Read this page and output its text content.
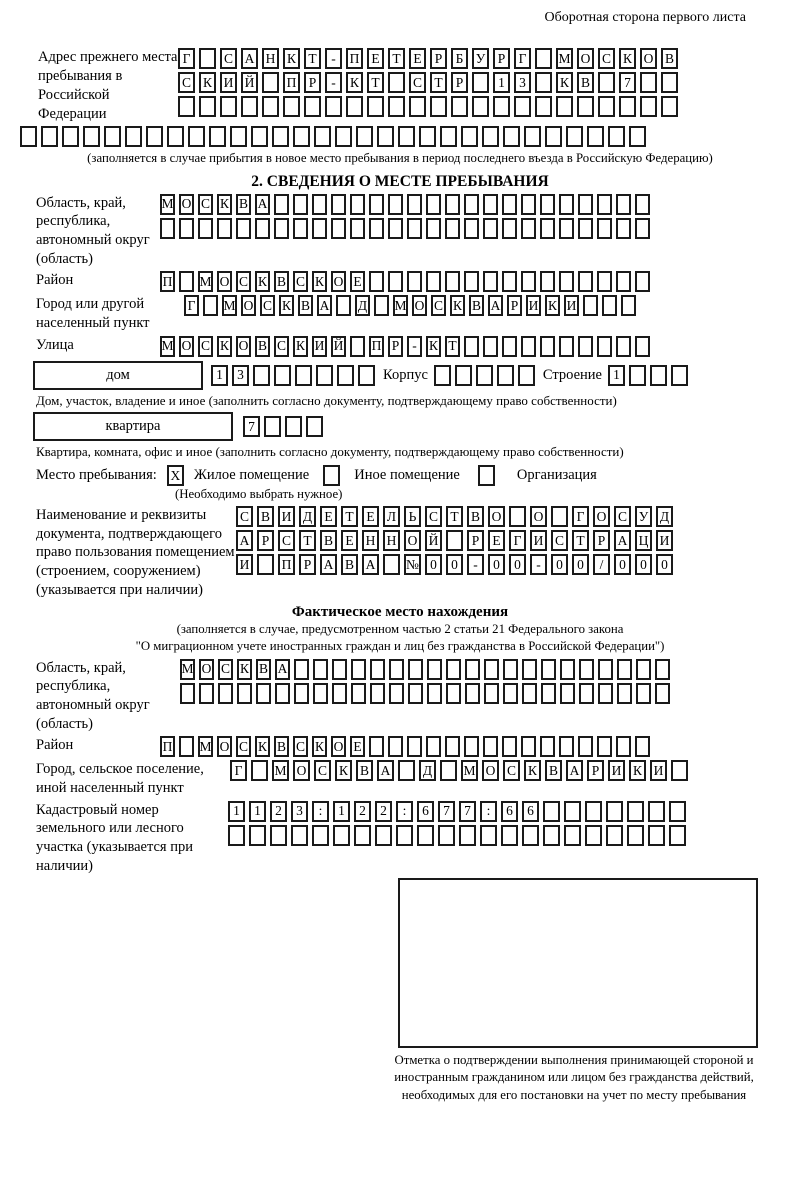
Оборотная сторона первого листа
Адрес прежнего места пребывания в Российской Федерации
Г	С А Н К Т	-	П Е Т Е Р Б У Р Г	М О С К О В
С К И Й П Р	-	К Т	С Т Р	1	3	К В	7
(заполняется в случае прибытия в новое место пребывания в период последнего въезда в Российскую Федерацию)
2. СВЕДЕНИЯ О МЕСТЕ ПРЕБЫВАНИЯ
Область, край, республика, автономный округ (область)
М О С К В А
Район	П М О С К В С К О Е
Город или другой населенный пункт
Г М О С К В А Д М О С К В А Р И К И
Улица	М О С К О В С К И Й П Р - К Т
дом	1	3	Корпус	Строение 1
Дом, участок, владение и иное (заполнить согласно документу, подтверждающему право собственности)
квартира	7
Квартира, комната, офис и иное (заполнить согласно документу, подтверждающему право собственности)
Место пребывания: X Жилое помещение	Иное помещение	Организация
(Необходимо выбрать нужное)
Наименование и реквизиты документа, подтверждающего право пользования помещением (строением, сооружением) (указывается при наличии)
С В И Д Е Т Е Л Ь С Т В О О	Г О С У Д
А Р С Т В Е Н Н О Й	Р Е Г И С Т Р А Ц И
И П Р А В А № 0	0	-	0	0	-	0	0	/	0	0	0
Фактическое место нахождения
(заполняется в случае, предусмотренном частью 2 статьи 21 Федерального закона
"О миграционном учете иностранных граждан и лиц без гражданства в Российской Федерации")
Область, край, республика, автономный округ (область)
М О С К В А
Район	П М О С К В С К О Е
Город, сельское поселение, иной населенный пункт
Г	М О С К В А Д М О С К В А Р И К И
Кадастровый номер земельного или лесного участка (указывается при наличии)
1	1	2	3	:	1	2	2	:	6	7	7	:	6	6
Отметка о подтверждении выполнения принимающей стороной и иностранным гражданином или лицом без гражданства действий, необходимых для его постановки на учет по месту пребывания
